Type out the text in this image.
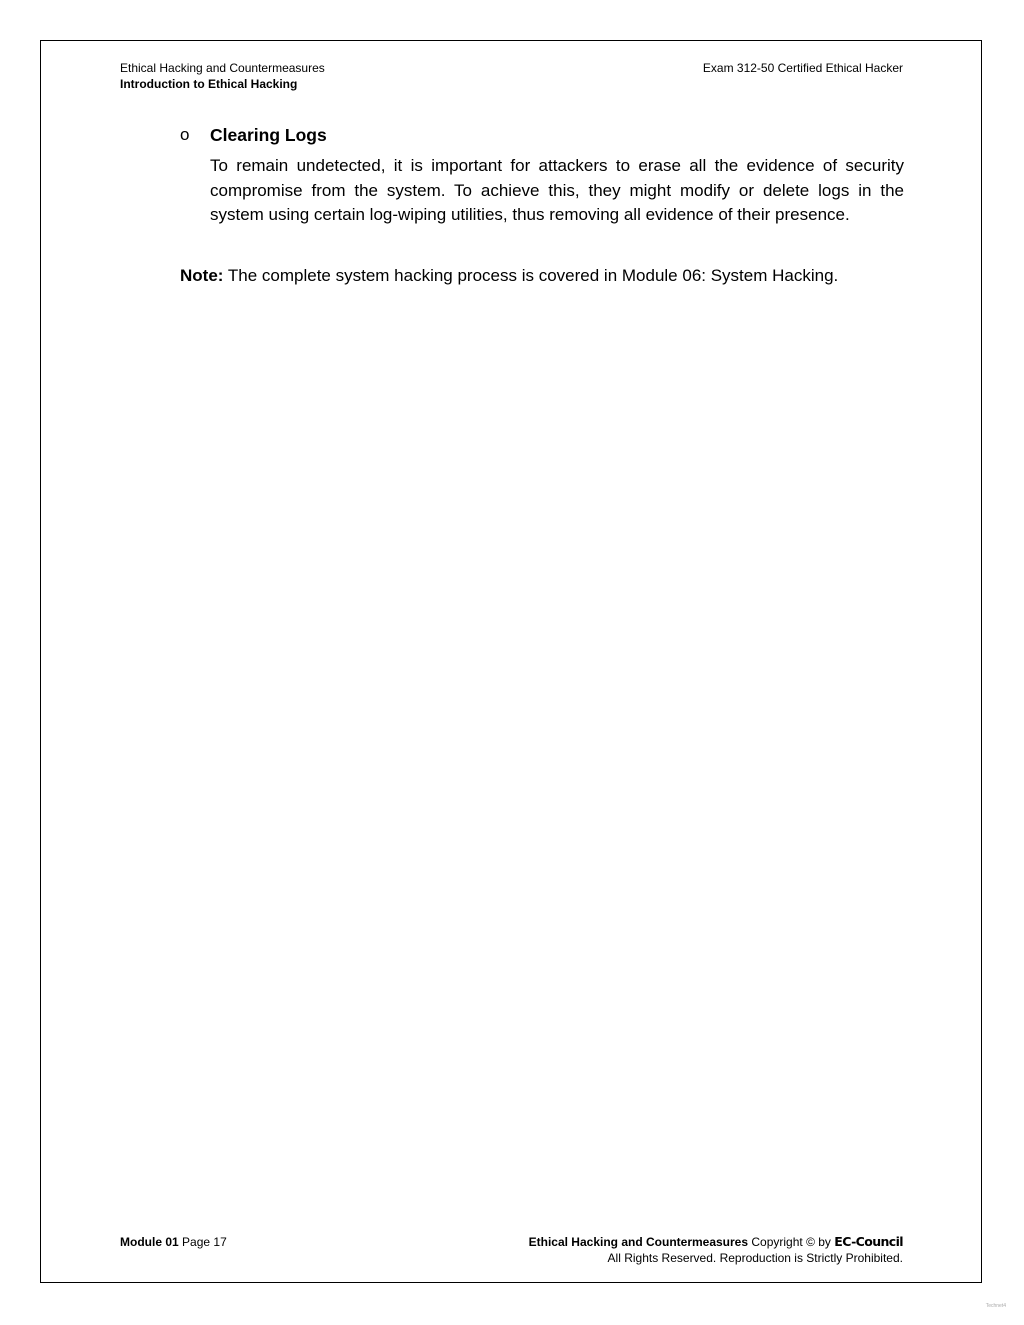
Ethical Hacking and Countermeasures
Introduction to Ethical Hacking
Exam 312-50 Certified Ethical Hacker
o	Clearing Logs
To remain undetected, it is important for attackers to erase all the evidence of security compromise from the system. To achieve this, they might modify or delete logs in the system using certain log-wiping utilities, thus removing all evidence of their presence.
Note: The complete system hacking process is covered in Module 06: System Hacking.
Module 01 Page 17	Ethical Hacking and Countermeasures Copyright © by EC-Council
All Rights Reserved. Reproduction is Strictly Prohibited.
Technet4
